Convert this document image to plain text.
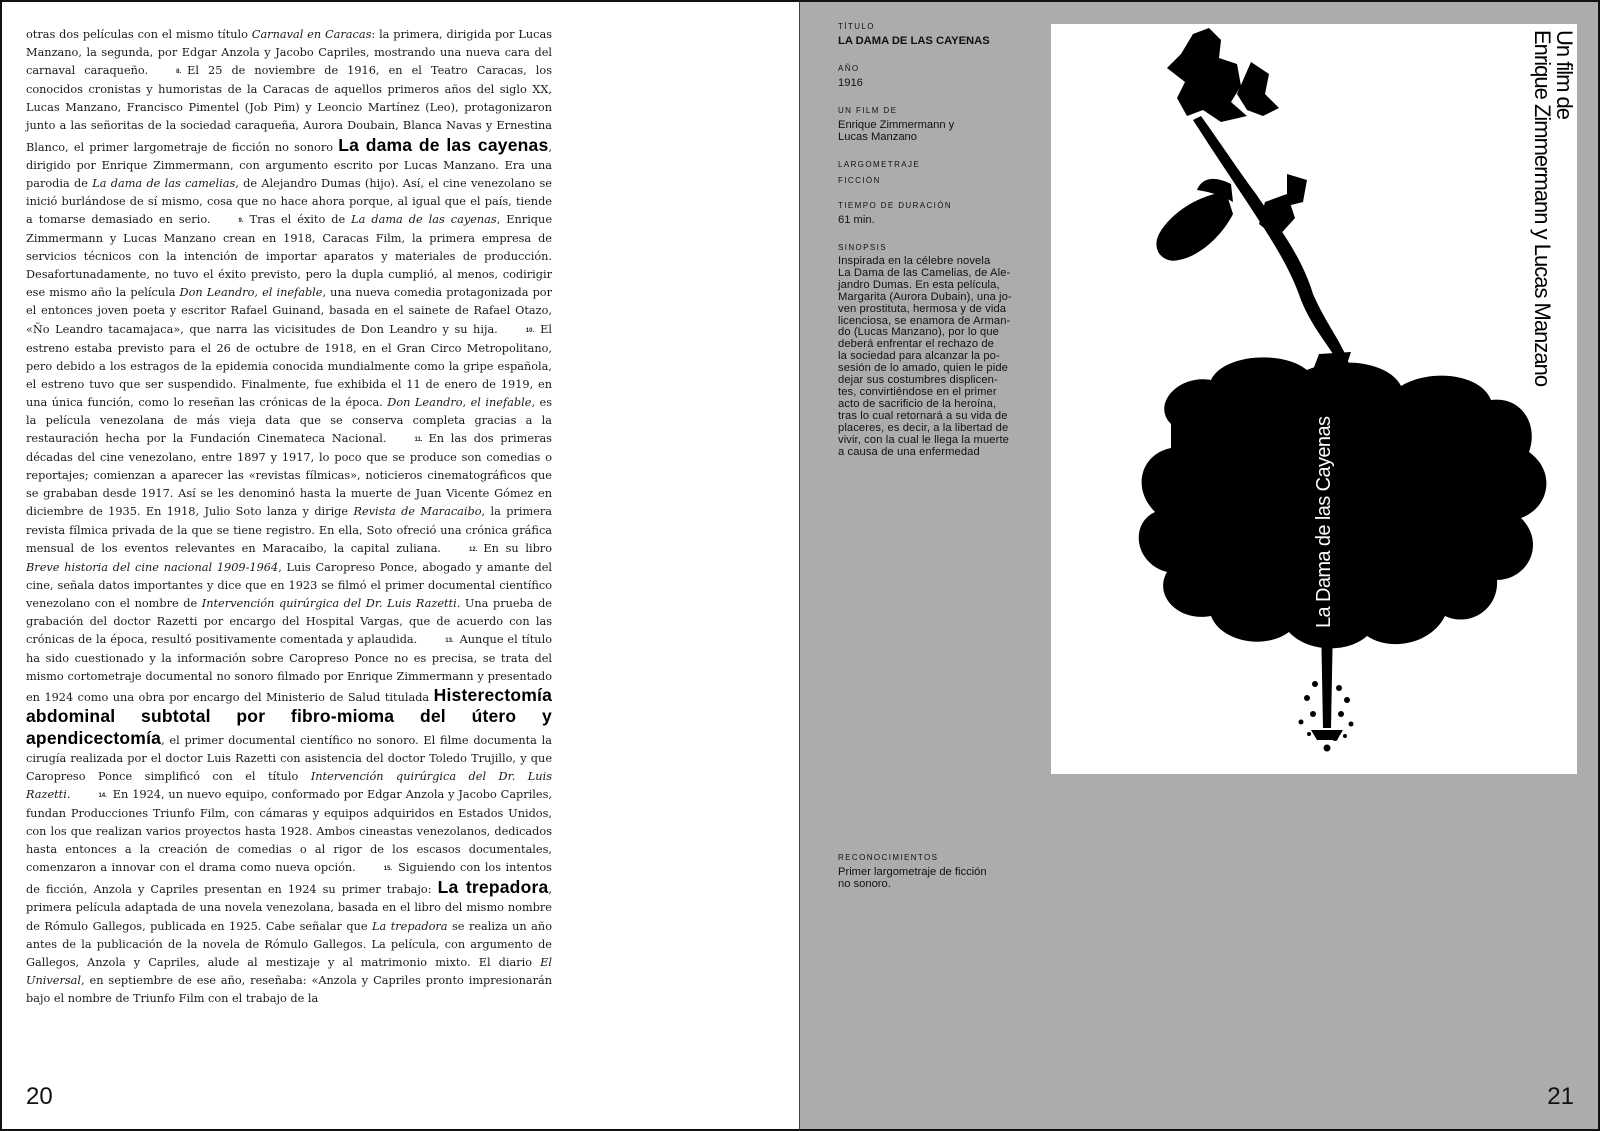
otras dos películas con el mismo título Carnaval en Caracas: la primera, dirigida por Lucas Manzano, la segunda, por Edgar Anzola y Jacobo Capriles, mostrando una nueva cara del carnaval caraqueño.	8. El 25 de noviembre de 1916, en el Teatro Caracas, los conocidos cronistas y humoristas de la Caracas de aquellos primeros años del siglo XX, Lucas Manzano, Francisco Pimentel (Job Pim) y Leoncio Martínez (Leo), protagonizaron junto a las señoritas de la sociedad caraqueña, Aurora Doubain, Blanca Navas y Ernestina Blanco, el primer largometraje de ficción no sonoro La dama de las cayenas, dirigido por Enrique Zimmermann, con argumento escrito por Lucas Manzano. Era una parodia de La dama de las camelias, de Alejandro Dumas (hijo). Así, el cine venezolano se inició burlándose de sí mismo, cosa que no hace ahora porque, al igual que el país, tiende a tomarse demasiado en serio.	9. Tras el éxito de La dama de las cayenas, Enrique Zimmermann y Lucas Manzano crean en 1918, Caracas Film, la primera empresa de servicios técnicos con la intención de importar aparatos y materiales de producción. Desafortunadamente, no tuvo el éxito previsto, pero la dupla cumplió, al menos, codirigir ese mismo año la película Don Leandro, el inefable, una nueva comedia protagonizada por el entonces joven poeta y escritor Rafael Guinand, basada en el sainete de Rafael Otazo, «Ño Leandro tacamajaca», que narra las vicisitudes de Don Leandro y su hija.	10. El estreno estaba previsto para el 26 de octubre de 1918, en el Gran Circo Metropolitano, pero debido a los estragos de la epidemia conocida mundialmente como la gripe española, el estreno tuvo que ser suspendido. Finalmente, fue exhibida el 11 de enero de 1919, en una única función, como lo reseñan las crónicas de la época. Don Leandro, el inefable, es la película venezolana de más vieja data que se conserva completa gracias a la restauración hecha por la Fundación Cinemateca Nacional.	11. En las dos primeras décadas del cine venezolano, entre 1897 y 1917, lo poco que se produce son comedias o reportajes; comienzan a aparecer las «revistas fílmicas», noticieros cinematográficos que se grababan desde 1917. Así se les denominó hasta la muerte de Juan Vicente Gómez en diciembre de 1935. En 1918, Julio Soto lanza y dirige Revista de Maracaibo, la primera revista fílmica privada de la que se tiene registro. En ella, Soto ofreció una crónica gráfica mensual de los eventos relevantes en Maracaibo, la capital zuliana.	12. En su libro Breve historia del cine nacional 1909-1964, Luis Caropreso Ponce, abogado y amante del cine, señala datos importantes y dice que en 1923 se filmó el primer documental científico venezolano con el nombre de Intervención quirúrgica del Dr. Luis Razetti. Una prueba de grabación del doctor Razetti por encargo del Hospital Vargas, que de acuerdo con las crónicas de la época, resultó positivamente comentada y aplaudida.	13. Aunque el título ha sido cuestionado y la información sobre Caropreso Ponce no es precisa, se trata del mismo cortometraje documental no sonoro filmado por Enrique Zimmermann y presentado en 1924 como una obra por encargo del Ministerio de Salud titulada Histerectomía abdominal subtotal por fibro-mioma del útero y apendicectomía, el primer documental científico no sonoro. El filme documenta la cirugía realizada por el doctor Luis Razetti con asistencia del doctor Toledo Trujillo, y que Caropreso Ponce simplificó con el título Intervención quirúrgica del Dr. Luis Razetti.	14. En 1924, un nuevo equipo, conformado por Edgar Anzola y Jacobo Capriles, fundan Producciones Triunfo Film, con cámaras y equipos adquiridos en Estados Unidos, con los que realizan varios proyectos hasta 1928. Ambos cineastas venezolanos, dedicados hasta entonces a la creación de comedias o al rigor de los escasos documentales, comenzaron a innovar con el drama como nueva opción.	15. Siguiendo con los intentos de ficción, Anzola y Capriles presentan en 1924 su primer trabajo: La trepadora, primera película adaptada de una novela venezolana, basada en el libro del mismo nombre de Rómulo Gallegos, publicada en 1925. Cabe señalar que La trepadora se realiza un año antes de la publicación de la novela de Rómulo Gallegos. La película, con argumento de Gallegos, Anzola y Capriles, alude al mestizaje y al matrimonio mixto. El diario El Universal, en septiembre de ese año, reseñaba: «Anzola y Capriles pronto impresionarán bajo el nombre de Triunfo Film con el trabajo de la
20	21
TÍTULO
LA DAMA DE LAS CAYENAS
AÑO
1916
UN FILM DE
Enrique Zimmermann y
Lucas Manzano
LARGOMETRAJE
FICCIÓN
TIEMPO DE DURACIÓN
61 min.
SINOPSIS
Inspirada en la célebre novela
La Dama de las Camelias, de Ale-
jandro Dumas. En esta película,
Margarita (Aurora Dubain), una jo-
ven prostituta, hermosa y de vida
licenciosa, se enamora de Arman-
do (Lucas Manzano), por lo que
deberá enfrentar el rechazo de
la sociedad para alcanzar la po-
sesión de lo amado, quien le pide
dejar sus costumbres displicen-
tes, convirtiéndose en el primer
acto de sacrificio de la heroína,
tras lo cual retornará a su vida de
placeres, es decir, a la libertad de
vivir, con la cual le llega la muerte
a causa de una enfermedad
RECONOCIMIENTOS
Primer largometraje de ficción
no sonoro.
La Dama de las Cayenas
Un film de
Enrique Zimmermann y Lucas Manzano
